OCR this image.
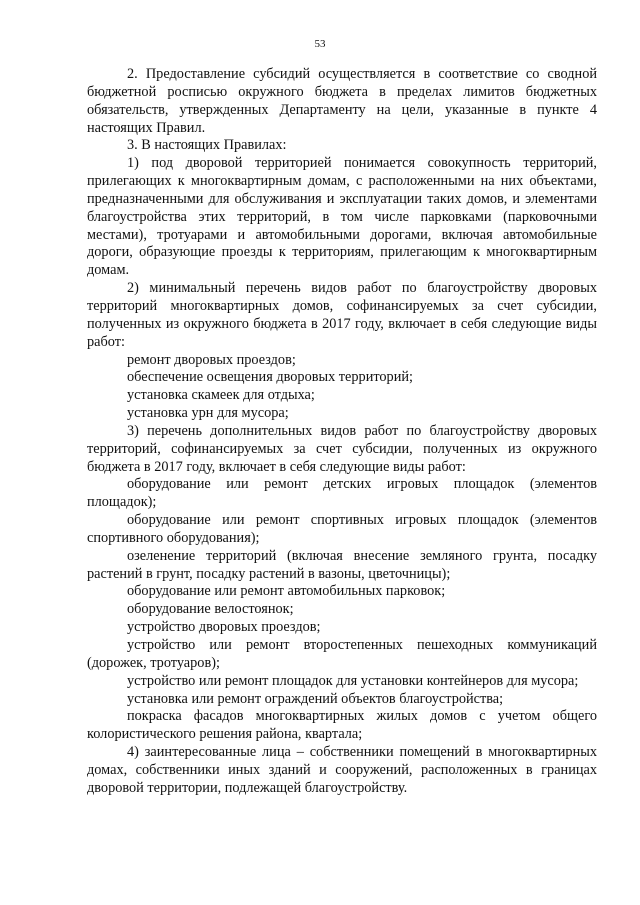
53

2. Предоставление субсидий осуществляется в соответствие со сводной бюджетной росписью окружного бюджета в пределах лимитов бюджетных обязательств, утвержденных Департаменту на цели, указанные в пункте 4 настоящих Правил.

3. В настоящих Правилах:

1) под дворовой территорией понимается совокупность территорий, прилегающих к многоквартирным домам, с расположенными на них объектами, предназначенными для обслуживания и эксплуатации таких домов, и элементами благоустройства этих территорий, в том числе парковками (парковочными местами), тротуарами и автомобильными дорогами, включая автомобильные дороги, образующие проезды к территориям, прилегающим к многоквартирным домам.

2) минимальный перечень видов работ по благоустройству дворовых территорий многоквартирных домов, софинансируемых за счет субсидии, полученных из окружного бюджета в 2017 году, включает в себя следующие виды работ:

ремонт дворовых проездов;

обеспечение освещения дворовых территорий;

установка скамеек для отдыха;

установка урн для мусора;

3) перечень дополнительных видов работ по благоустройству дворовых территорий, софинансируемых за счет субсидии, полученных из окружного бюджета в 2017 году, включает в себя следующие виды работ:

оборудование или ремонт детских игровых площадок (элементов площадок);

оборудование или ремонт спортивных игровых площадок (элементов спортивного оборудования);

озеленение территорий (включая внесение земляного грунта, посадку растений в грунт, посадку растений в вазоны, цветочницы);

оборудование или ремонт автомобильных парковок;

оборудование велостоянок;

устройство дворовых проездов;

устройство или ремонт второстепенных пешеходных коммуникаций (дорожек, тротуаров);

устройство или ремонт площадок для установки контейнеров для мусора;

установка или ремонт ограждений объектов благоустройства;

покраска фасадов многоквартирных жилых домов с учетом общего колористического решения района, квартала;

4) заинтересованные лица – собственники помещений в многоквартирных домах, собственники иных зданий и сооружений, расположенных в границах дворовой территории, подлежащей благоустройству.
